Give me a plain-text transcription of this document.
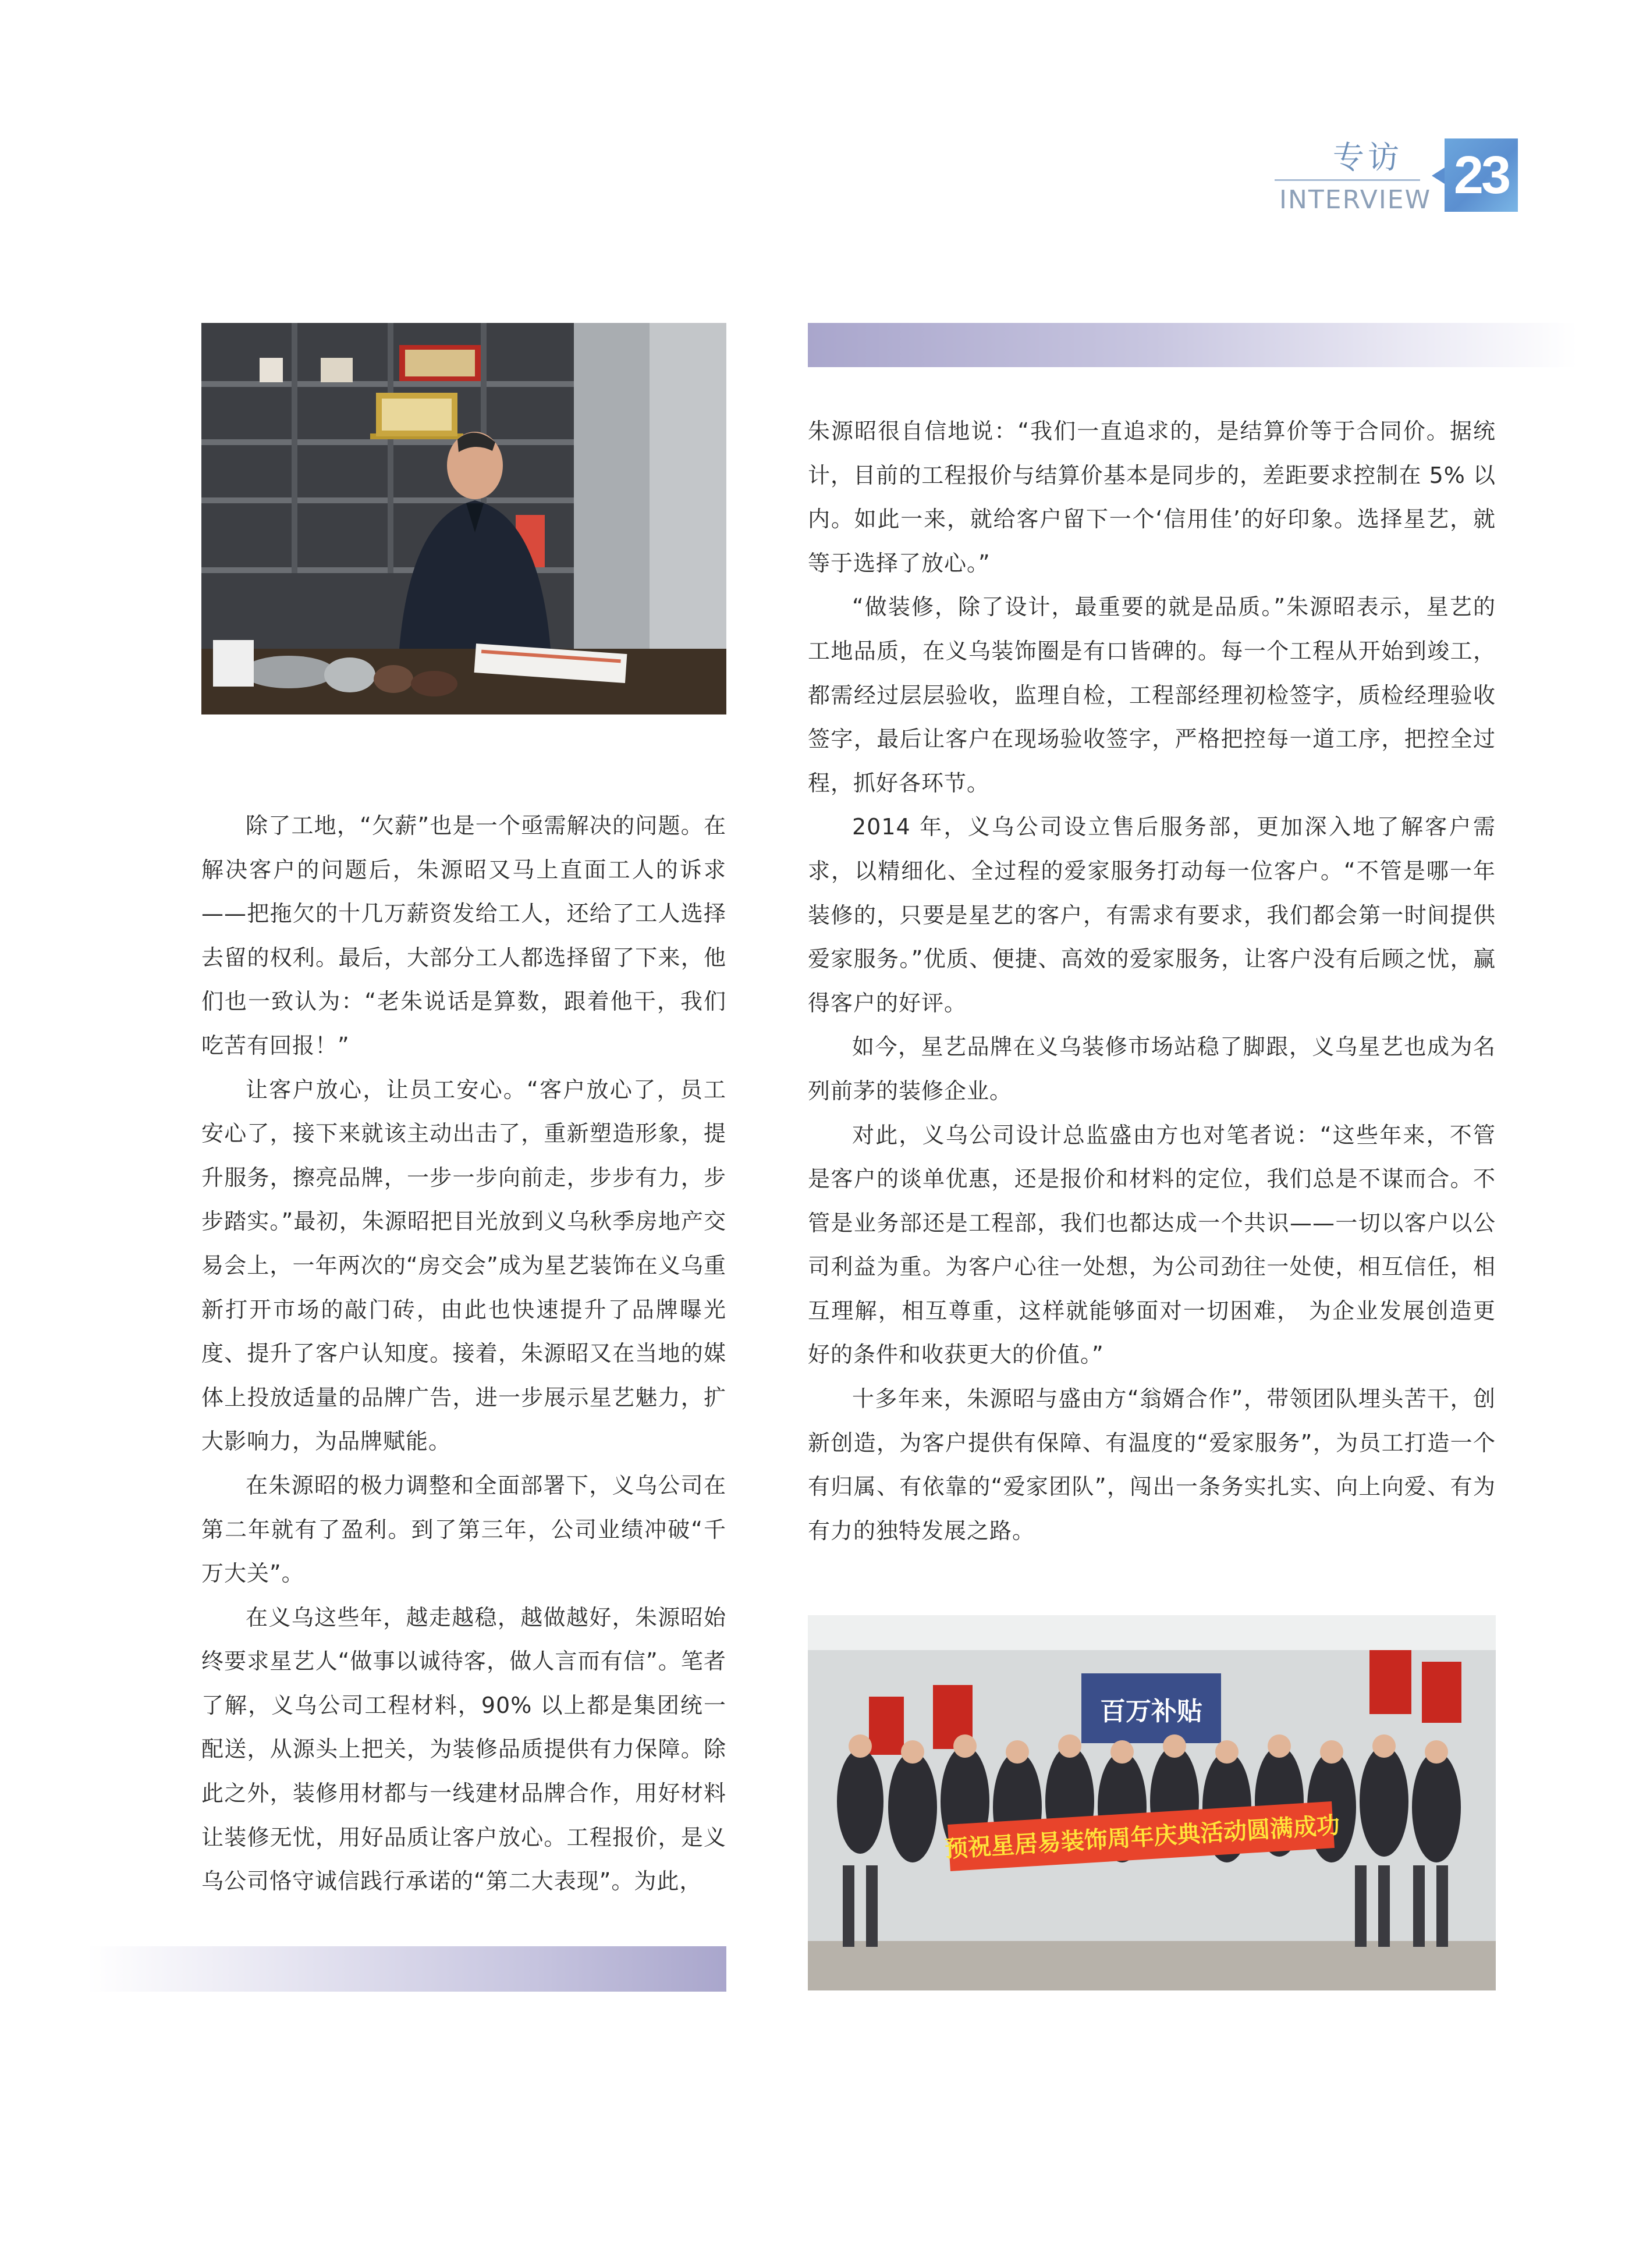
专访
INTERVIEW 23
百万补贴
预祝星居易装饰周年庆典活动圆满成功

除了工地，“欠薪”也是一个亟需解决的问题。在解决客户的问题后，朱源昭又马上直面工人的诉求——把拖欠的十几万薪资发给工人，还给了工人选择去留的权利。最后，大部分工人都选择留了下来，他们也一致认为：“老朱说话是算数，跟着他干，我们吃苦有回报！”

让客户放心，让员工安心。“客户放心了，员工安心了，接下来就该主动出击了，重新塑造形象，提升服务，擦亮品牌，一步一步向前走，步步有力，步步踏实。”最初，朱源昭把目光放到义乌秋季房地产交易会上，一年两次的“房交会”成为星艺装饰在义乌重新打开市场的敲门砖，由此也快速提升了品牌曝光度、提升了客户认知度。接着，朱源昭又在当地的媒体上投放适量的品牌广告，进一步展示星艺魅力，扩大影响力，为品牌赋能。

在朱源昭的极力调整和全面部署下，义乌公司在第二年就有了盈利。到了第三年，公司业绩冲破“千万大关”。

在义乌这些年，越走越稳，越做越好，朱源昭始终要求星艺人“做事以诚待客，做人言而有信”。笔者了解，义乌公司工程材料，90% 以上都是集团统一配送，从源头上把关，为装修品质提供有力保障。除此之外，装修用材都与一线建材品牌合作，用好材料让装修无忧，用好品质让客户放心。工程报价，是义乌公司恪守诚信践行承诺的“第二大表现”。为此，

朱源昭很自信地说：“我们一直追求的，是结算价等于合同价。据统计，目前的工程报价与结算价基本是同步的，差距要求控制在 5% 以内。如此一来，就给客户留下一个‘信用佳’的好印象。选择星艺，就等于选择了放心。”

“做装修，除了设计，最重要的就是品质。”朱源昭表示，星艺的工地品质，在义乌装饰圈是有口皆碑的。每一个工程从开始到竣工，都需经过层层验收，监理自检，工程部经理初检签字，质检经理验收签字，最后让客户在现场验收签字，严格把控每一道工序，把控全过程，抓好各环节。

2014 年，义乌公司设立售后服务部，更加深入地了解客户需求，以精细化、全过程的爱家服务打动每一位客户。“不管是哪一年装修的，只要是星艺的客户，有需求有要求，我们都会第一时间提供爱家服务。”优质、便捷、高效的爱家服务，让客户没有后顾之忧，赢得客户的好评。

如今，星艺品牌在义乌装修市场站稳了脚跟，义乌星艺也成为名列前茅的装修企业。

对此，义乌公司设计总监盛由方也对笔者说：“这些年来，不管是客户的谈单优惠，还是报价和材料的定位，我们总是不谋而合。不管是业务部还是工程部，我们也都达成一个共识——一切以客户以公司利益为重。为客户心往一处想，为公司劲往一处使，相互信任，相互理解，相互尊重，这样就能够面对一切困难， 为企业发展创造更好的条件和收获更大的价值。”

十多年来，朱源昭与盛由方“翁婿合作”，带领团队埋头苦干，创新创造，为客户提供有保障、有温度的“爱家服务”，为员工打造一个有归属、有依靠的“爱家团队”，闯出一条务实扎实、向上向爱、有为有力的独特发展之路。
